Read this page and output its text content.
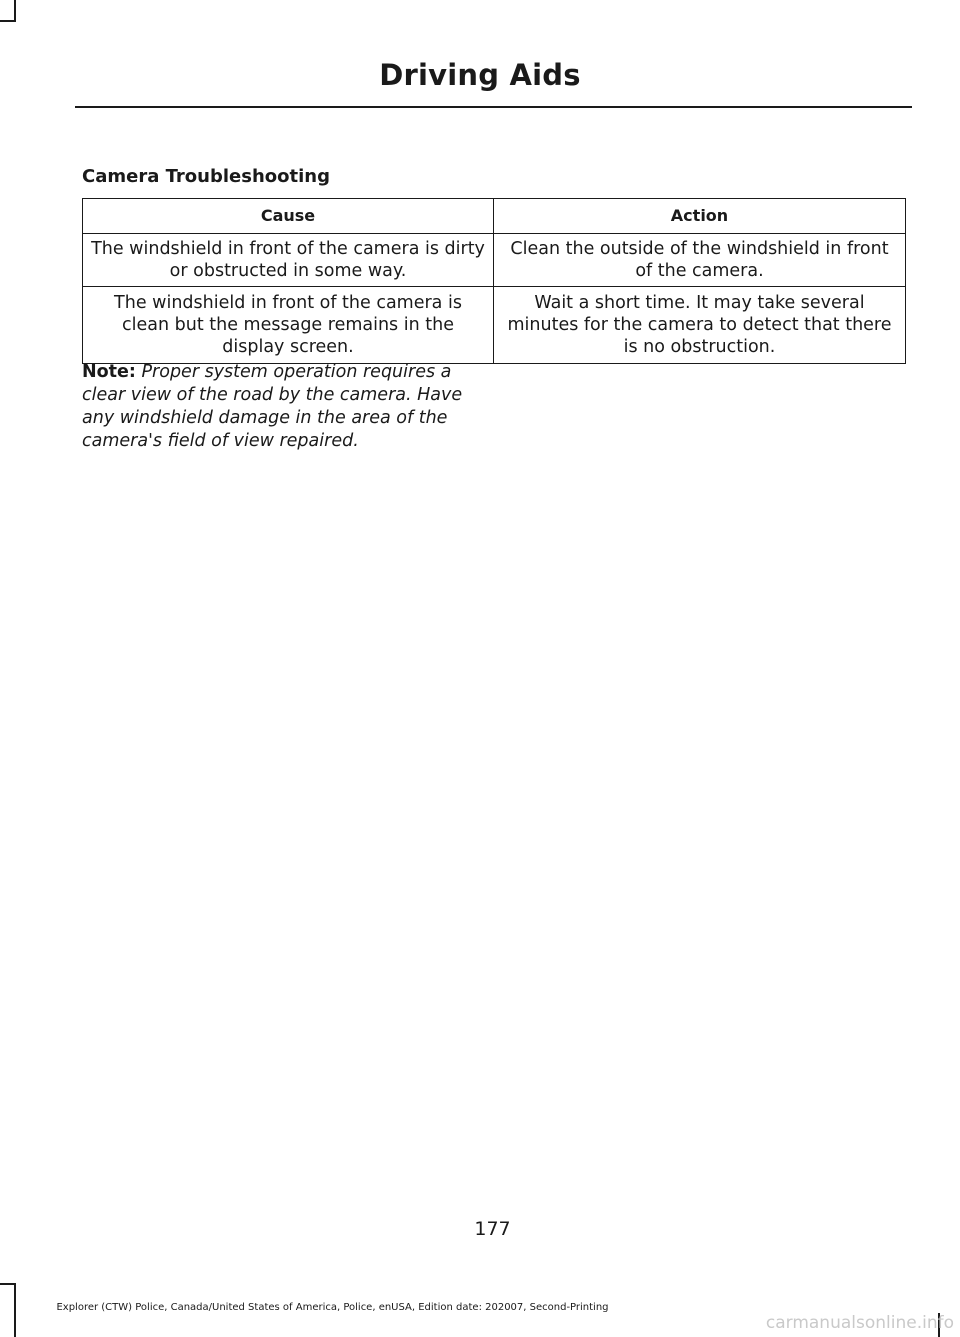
Driving Aids
Camera Troubleshooting
Cause	Action
The windshield in front of the camera is dirty or obstructed in some way.	Clean the outside of the windshield in front of the camera.
The windshield in front of the camera is clean but the message remains in the display screen.	Wait a short time. It may take several minutes for the camera to detect that there is no obstruction.
Note: Proper system operation requires a clear view of the road by the camera. Have any windshield damage in the area of the camera's field of view repaired.
177
Explorer (CTW) Police, Canada/United States of America, Police, enUSA, Edition date: 202007, Second-Printing
carmanualsonline.info
